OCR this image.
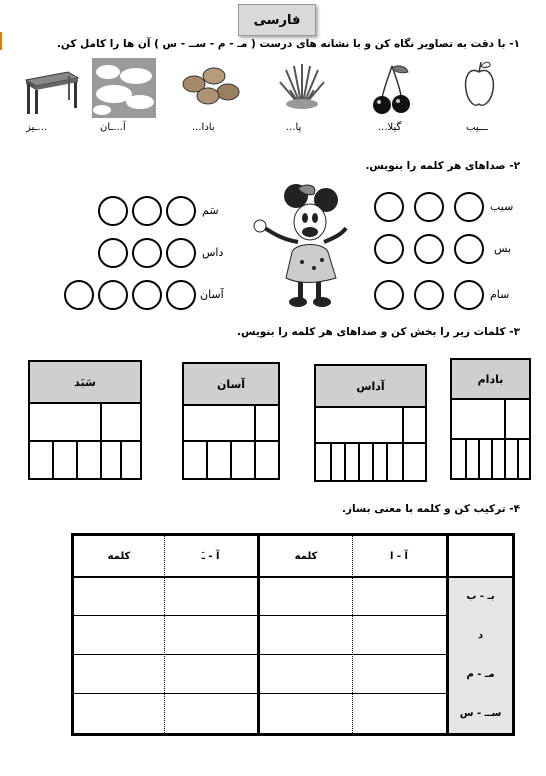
فارسی
۱- با دقت به تصاویر نگاه کن و با نشانه های درست ( مـ - م - ســ - س ) آن ها را کامل کن.
ـــیب
گیلا...
پا...
بادا...
آ...ـان
...ـیز
۲- صداهای هر کلمه را بنویس.
سیب
بس
سام
سَم
داس
آسان
۳- کلمات زیر را بخش کن و صداهای هر کلمه را بنویس.
بادام
آداس
آسان
سَبَد
۴- ترکیب کن و کلمه با معنی بساز.
آ - ا
کلمه
آ - ـَ
کلمه
بـ - ب
د
مـ - م
ســ - س
